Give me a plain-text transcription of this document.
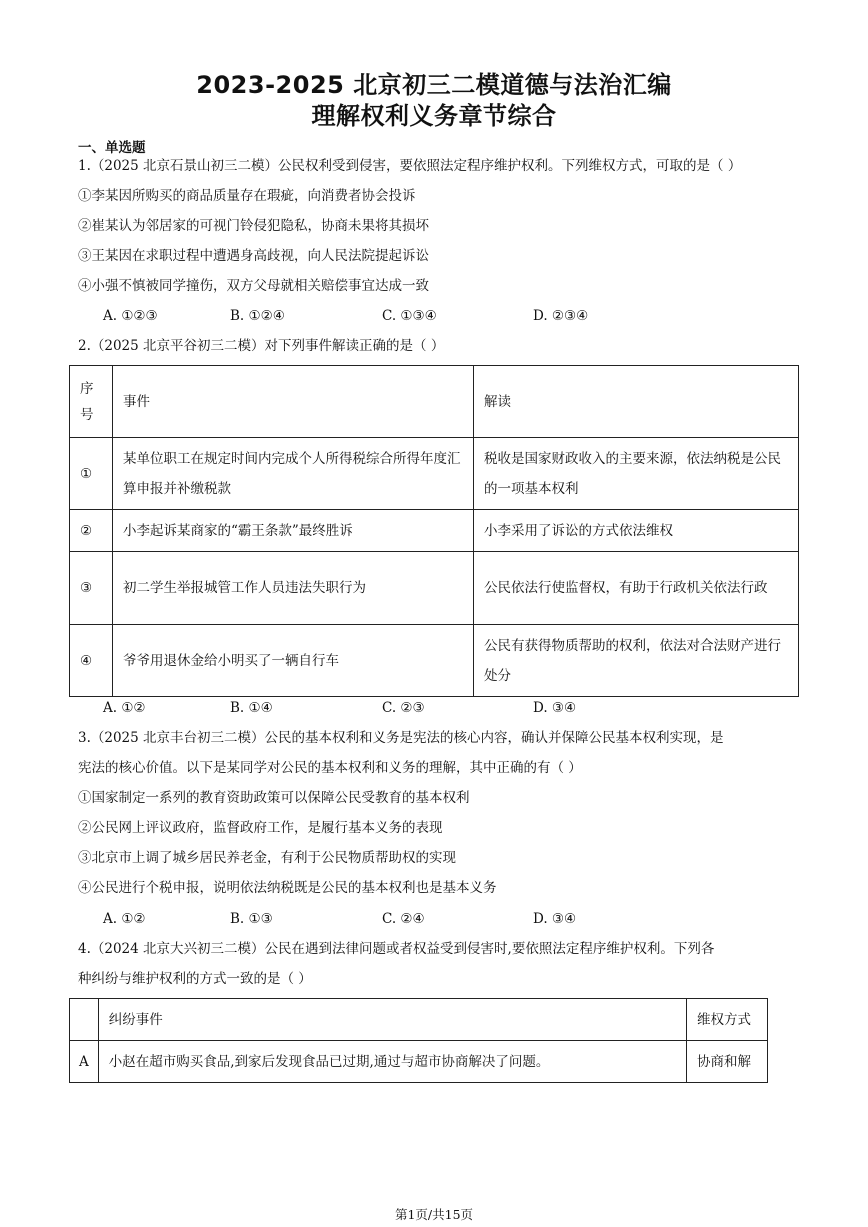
2023-2025 北京初三二模道德与法治汇编
理解权利义务章节综合
一、单选题
1.（2025 北京石景山初三二模）公民权利受到侵害，要依照法定程序维护权利。下列维权方式，可取的是（ ）
①李某因所购买的商品质量存在瑕疵，向消费者协会投诉
②崔某认为邻居家的可视门铃侵犯隐私，协商未果将其损坏
③王某因在求职过程中遭遇身高歧视，向人民法院提起诉讼
④小强不慎被同学撞伤，双方父母就相关赔偿事宜达成一致
A. ①②③	B. ①②④	C. ①③④	D. ②③④
2.（2025 北京平谷初三二模）对下列事件解读正确的是（ ）
序号	事件	解读
①	某单位职工在规定时间内完成个人所得税综合所得年度汇算申报并补缴税款	税收是国家财政收入的主要来源，依法纳税是公民的一项基本权利
②	小李起诉某商家的“霸王条款”最终胜诉	小李采用了诉讼的方式依法维权
③	初二学生举报城管工作人员违法失职行为	公民依法行使监督权，有助于行政机关依法行政
④	爷爷用退休金给小明买了一辆自行车	公民有获得物质帮助的权利，依法对合法财产进行处分
A. ①②	B. ①④	C. ②③	D. ③④
3.（2025 北京丰台初三二模）公民的基本权利和义务是宪法的核心内容，确认并保障公民基本权利实现，是
宪法的核心价值。以下是某同学对公民的基本权利和义务的理解，其中正确的有（ ）
①国家制定一系列的教育资助政策可以保障公民受教育的基本权利
②公民网上评议政府，监督政府工作，是履行基本义务的表现
③北京市上调了城乡居民养老金，有利于公民物质帮助权的实现
④公民进行个税申报，说明依法纳税既是公民的基本权利也是基本义务
A. ①②	B. ①③	C. ②④	D. ③④
4.（2024 北京大兴初三二模）公民在遇到法律问题或者权益受到侵害时,要依照法定程序维护权利。下列各
种纠纷与维护权利的方式一致的是（ ）
	纠纷事件	维权方式
A	小赵在超市购买食品,到家后发现食品已过期,通过与超市协商解决了问题。	协商和解
第1页/共15页
